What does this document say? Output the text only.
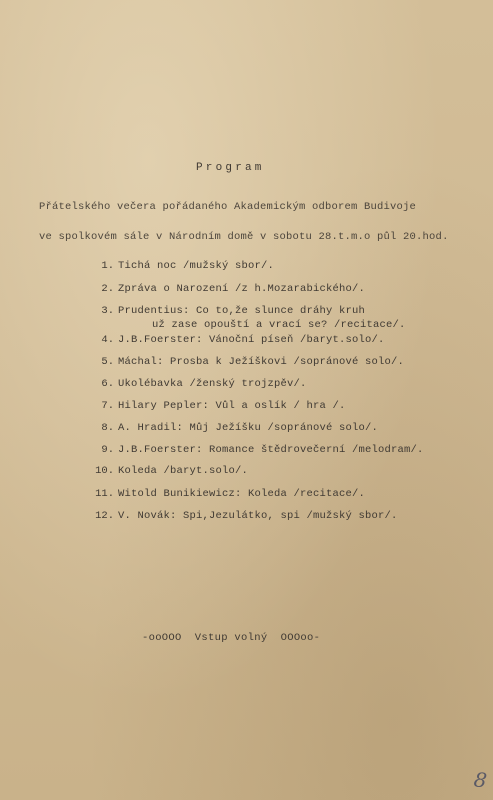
Program
Přátelského večera pořádaného Akademickým odborem Budivoje
ve spolkovém sále v Národním domě v sobotu 28.t.m.o půl 20.hod.
1. Tichá noc /mužský sbor/.
2. Zpráva o Narození /z h.Mozarabického/.
3. Prudentius: Co to,že slunce dráhy kruh
už zase opouští a vrací se? /recitace/.
4. J.B.Foerster: Vánoční píseň /baryt.solo/.
5. Máchal: Prosba k Ježíškovi /sopránové solo/.
6. Ukolébavka /ženský trojzpěv/.
7. Hilary Pepler: Vůl a oslík / hra /.
8. A. Hradil: Můj Ježíšku /sopránové solo/.
9. J.B.Foerster: Romance štědrovečerní /melodram/.
10. Koleda /baryt.solo/.
11. Witold Bunikiewicz: Koleda /recitace/.
12. V. Novák: Spi,Jezulátko, spi /mužský sbor/.
-ooOOO  Vstup volný  OOOoo-
8
